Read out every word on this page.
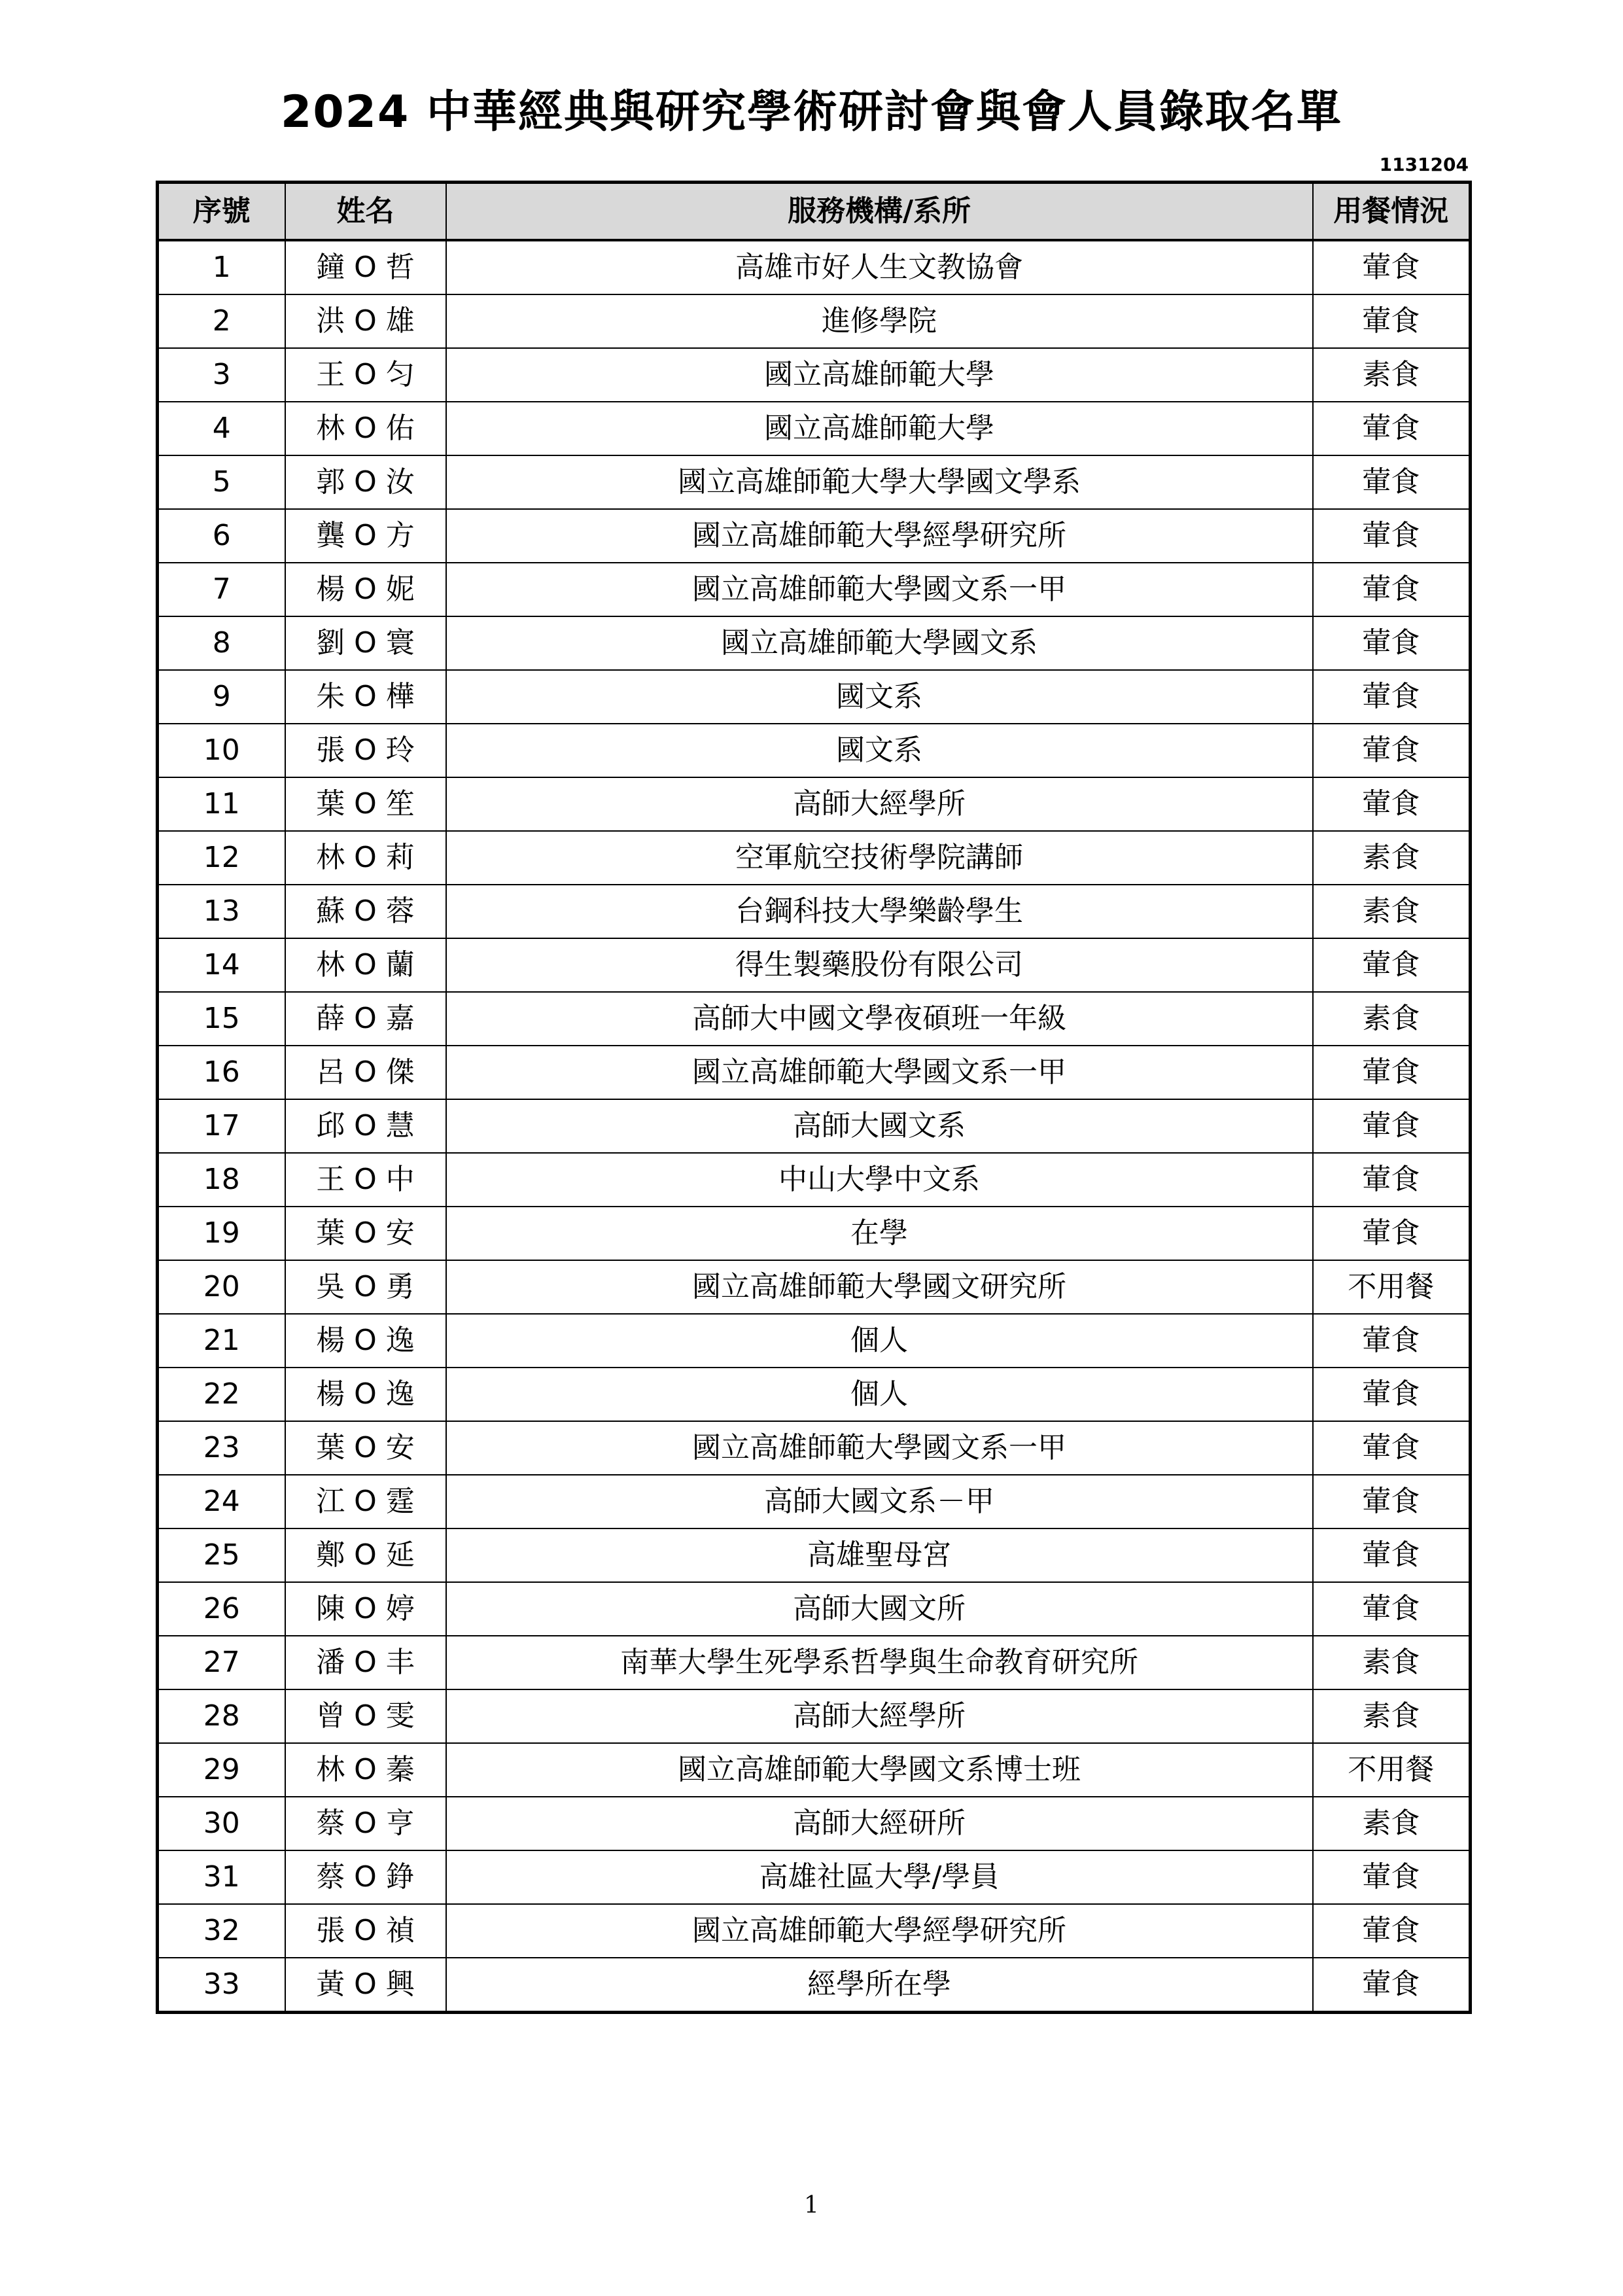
2024 中華經典與研究學術研討會與會人員錄取名單
1131204
序號	姓名	服務機構/系所	用餐情況
1	鐘 O 哲	高雄市好人生文教協會	葷食
2	洪 O 雄	進修學院	葷食
3	王 O 匀	國立高雄師範大學	素食
4	林 O 佑	國立高雄師範大學	葷食
5	郭 O 汝	國立高雄師範大學大學國文學系	葷食
6	龔 O 方	國立高雄師範大學經學研究所	葷食
7	楊 O 妮	國立高雄師範大學國文系一甲	葷食
8	劉 O 寰	國立高雄師範大學國文系	葷食
9	朱 O 樺	國文系	葷食
10	張 O 玲	國文系	葷食
11	葉 O 笙	高師大經學所	葷食
12	林 O 莉	空軍航空技術學院講師	素食
13	蘇 O 蓉	台鋼科技大學樂齡學生	素食
14	林 O 蘭	得生製藥股份有限公司	葷食
15	薛 O 嘉	高師大中國文學夜碩班一年級	素食
16	呂 O 傑	國立高雄師範大學國文系一甲	葷食
17	邱 O 慧	高師大國文系	葷食
18	王 O 中	中山大學中文系	葷食
19	葉 O 安	在學	葷食
20	吳 O 勇	國立高雄師範大學國文研究所	不用餐
21	楊 O 逸	個人	葷食
22	楊 O 逸	個人	葷食
23	葉 O 安	國立高雄師範大學國文系一甲	葷食
24	江 O 霆	高師大國文系－甲	葷食
25	鄭 O 延	高雄聖母宮	葷食
26	陳 O 婷	高師大國文所	葷食
27	潘 O 丰	南華大學生死學系哲學與生命教育研究所	素食
28	曾 O 雯	高師大經學所	素食
29	林 O 蓁	國立高雄師範大學國文系博士班	不用餐
30	蔡 O 亨	高師大經研所	素食
31	蔡 O 錚	高雄社區大學/學員	葷食
32	張 O 禎	國立高雄師範大學經學研究所	葷食
33	黃 O 興	經學所在學	葷食
1
